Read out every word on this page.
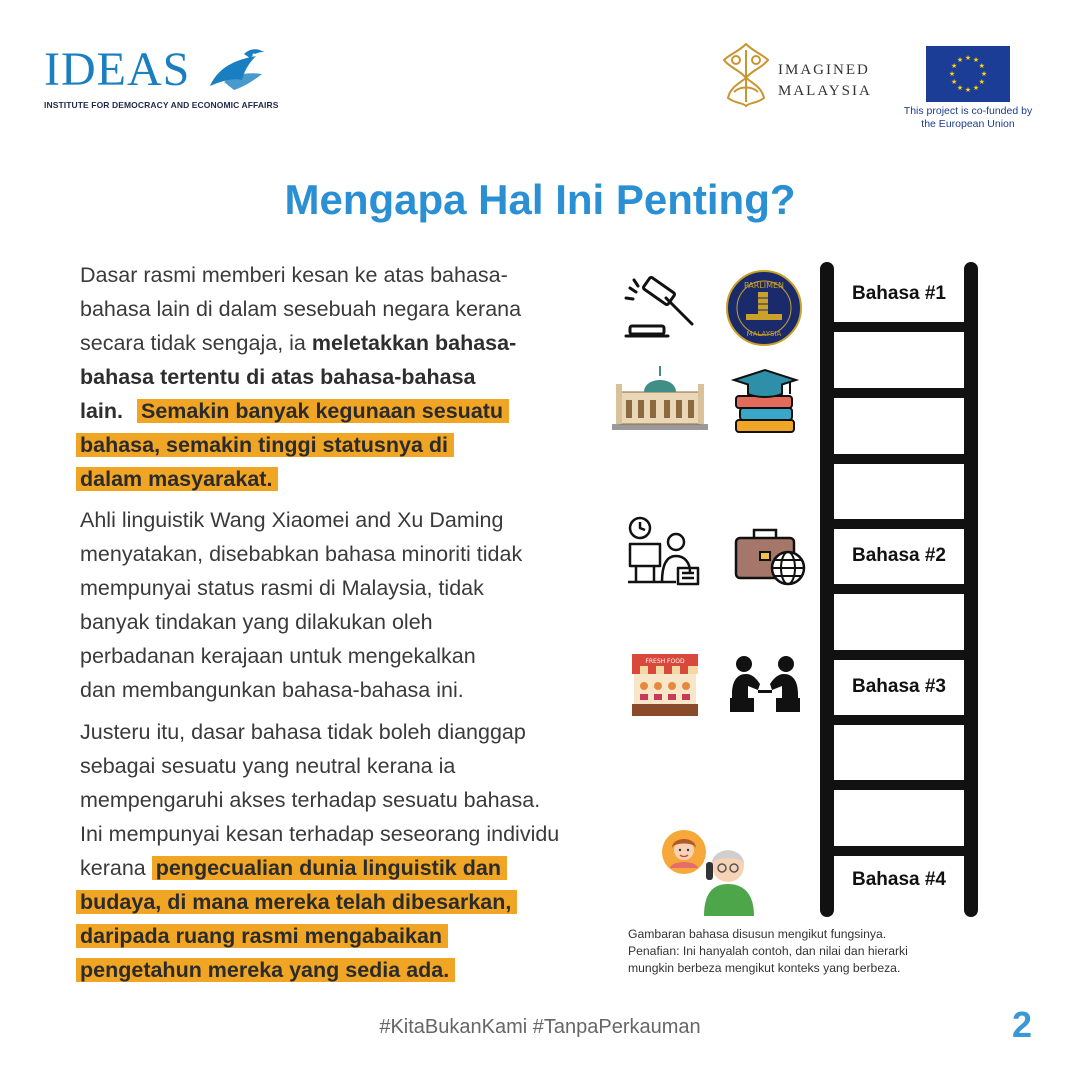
IDEAS
INSTITUTE FOR DEMOCRACY AND ECONOMIC AFFAIRS
IMAGINED
MALAYSIA
★ ★
★
★
★
★
★
★
★
★
★
★
This project is co-funded by
the European Union
Mengapa Hal Ini Penting?
Dasar rasmi memberi kesan ke atas bahasa-
bahasa lain di dalam sesebuah negara kerana
secara tidak sengaja, ia meletakkan bahasa-
bahasa tertentu di atas bahasa-bahasa
lain. Semakin banyak kegunaan sesuatu
bahasa, semakin tinggi statusnya di
dalam masyarakat.
Ahli linguistik Wang Xiaomei and Xu Daming
menyatakan, disebabkan bahasa minoriti tidak
mempunyai status rasmi di Malaysia, tidak
banyak tindakan yang dilakukan oleh
perbadanan kerajaan untuk mengekalkan
dan membangunkan bahasa-bahasa ini.
Justeru itu, dasar bahasa tidak boleh dianggap
sebagai sesuatu yang neutral kerana ia
mempengaruhi akses terhadap sesuatu bahasa.
Ini mempunyai kesan terhadap seseorang individu
kerana pengecualian dunia linguistik dan
budaya, di mana mereka telah dibesarkan,
daripada ruang rasmi mengabaikan
pengetahun mereka yang sedia ada.
PARLIMEN
MALAYSIA
FRESH FOOD
Bahasa #1
Bahasa #2
Bahasa #3
Bahasa #4
Gambaran bahasa disusun mengikut fungsinya.
Penafian: Ini hanyalah contoh, dan nilai dan hierarki
mungkin berbeza mengikut konteks yang berbeza.
#KitaBukanKami #TanpaPerkauman	2
